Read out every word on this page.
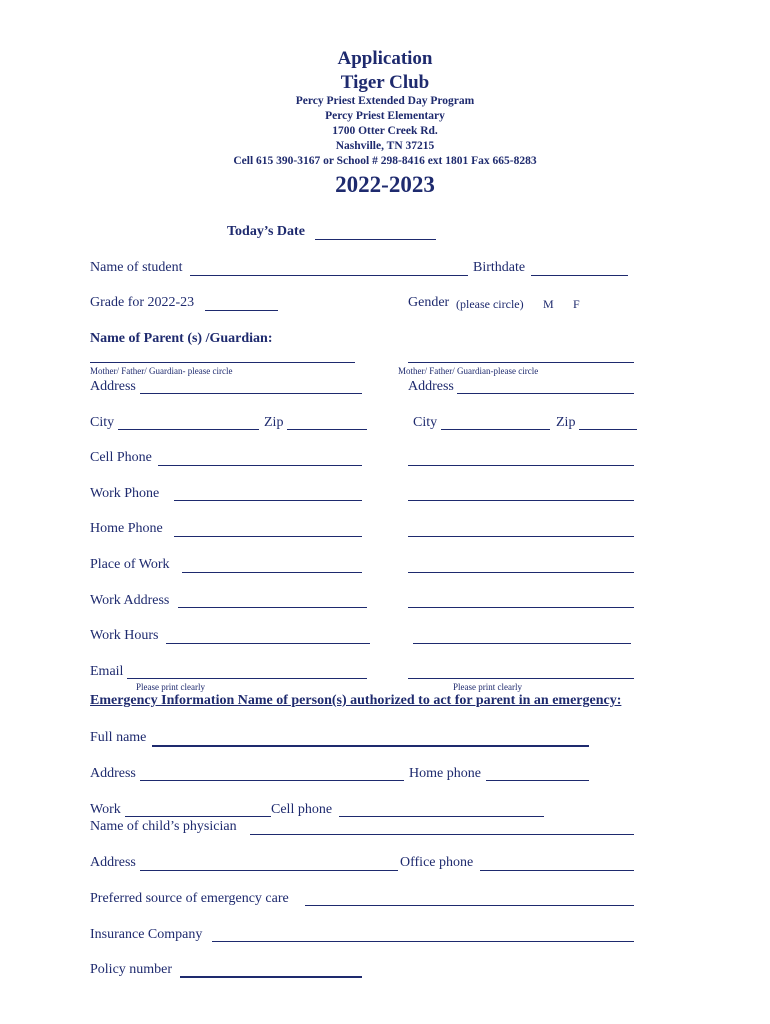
Application
Tiger Club
Percy Priest Extended Day Program
Percy Priest Elementary
1700 Otter Creek Rd.
Nashville, TN 37215
Cell 615 390-3167 or School # 298-8416 ext 1801 Fax 665-8283
2022-2023
Today’s Date
Name of student	Birthdate
Grade for 2022-23	Gender (please circle) M F
Name of Parent (s) /Guardian:
Mother/ Father/ Guardian- please circle	Mother/ Father/ Guardian-please circle
Address	Address
City	Zip	City	Zip
Cell Phone
Work Phone
Home Phone
Place of Work
Work Address
Work Hours
Email
Please print clearly	Please print clearly
Emergency Information Name of person(s) authorized to act for parent in an emergency:
Full name
Address	Home phone
Work	Cell phone
Name of child’s physician
Address	Office phone
Preferred source of emergency care
Insurance Company
Policy number
